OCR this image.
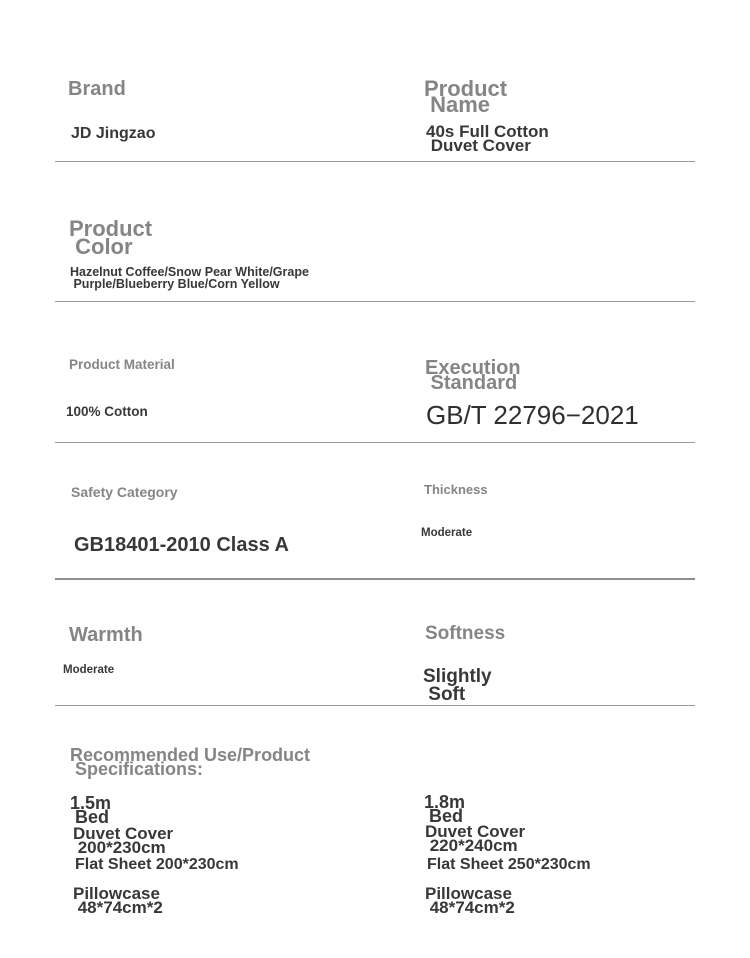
Brand
JD Jingzao
Product
Name
40s Full Cotton
Duvet Cover
Product
Color
Hazelnut Coffee/Snow Pear White/Grape
Purple/Blueberry Blue/Corn Yellow
Product Material
100% Cotton
Execution
Standard
GB/T 22796−2021
Safety Category
GB18401-2010 Class A
Thickness
Moderate
Warmth
Moderate
Softness
Slightly
Soft
Recommended Use/Product
Specifications:
1.5m
Bed
Duvet Cover
200*230cm
Flat Sheet 200*230cm
Pillowcase
48*74cm*2
1.8m
Bed
Duvet Cover
220*240cm
Flat Sheet 250*230cm
Pillowcase
48*74cm*2
